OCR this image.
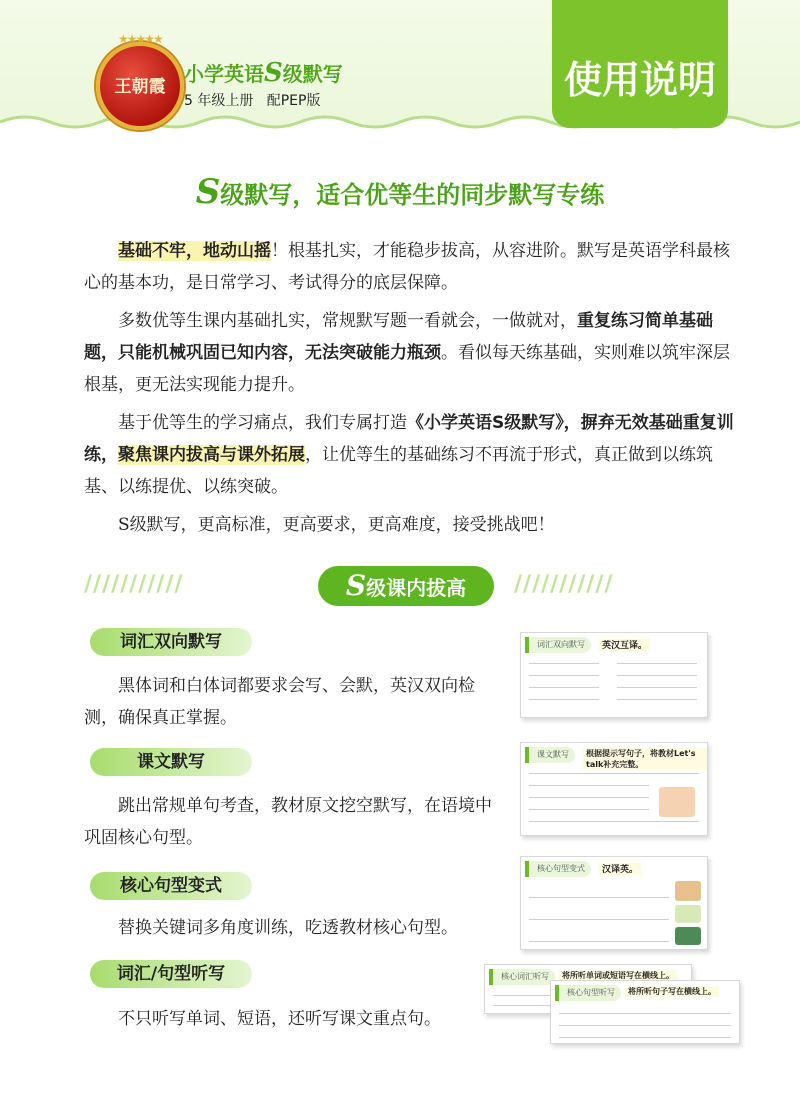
★★★★★
王朝霞
小学英语S级默写
5 年级上册   配PEP版	使用说明
S级默写，适合优等生的同步默写专练

基础不牢，地动山摇！根基扎实，才能稳步拔高，从容进阶。默写是英语学科最核心的基本功，是日常学习、考试得分的底层保障。

多数优等生课内基础扎实，常规默写题一看就会，一做就对，重复练习简单基础题，只能机械巩固已知内容，无法突破能力瓶颈。看似每天练基础，实则难以筑牢深层根基，更无法实现能力提升。

基于优等生的学习痛点，我们专属打造《小学英语S级默写》，摒弃无效基础重复训练，聚焦课内拔高与课外拓展，让优等生的基础练习不再流于形式，真正做到以练筑基、以练提优、以练突破。

S级默写，更高标准，更高要求，更高难度，接受挑战吧！

///////////	///////////
S级课内拔高
词汇双向默写
黑体词和白体词都要求会写、会默，英汉双向检测，确保真正掌握。
课文默写
跳出常规单句考查，教材原文挖空默写，在语境中巩固核心句型。
核心句型变式
替换关键词多角度训练，吃透教材核心句型。
词汇/句型听写
不只听写单词、短语，还听写课文重点句。
词汇双向默写	英汉互译。
课文默写	根据提示写句子，将教材Let's talk补充完整。
核心句型变式	汉译英。
核心词汇听写	将所听单词或短语写在横线上。
核心句型听写	将所听句子写在横线上。
